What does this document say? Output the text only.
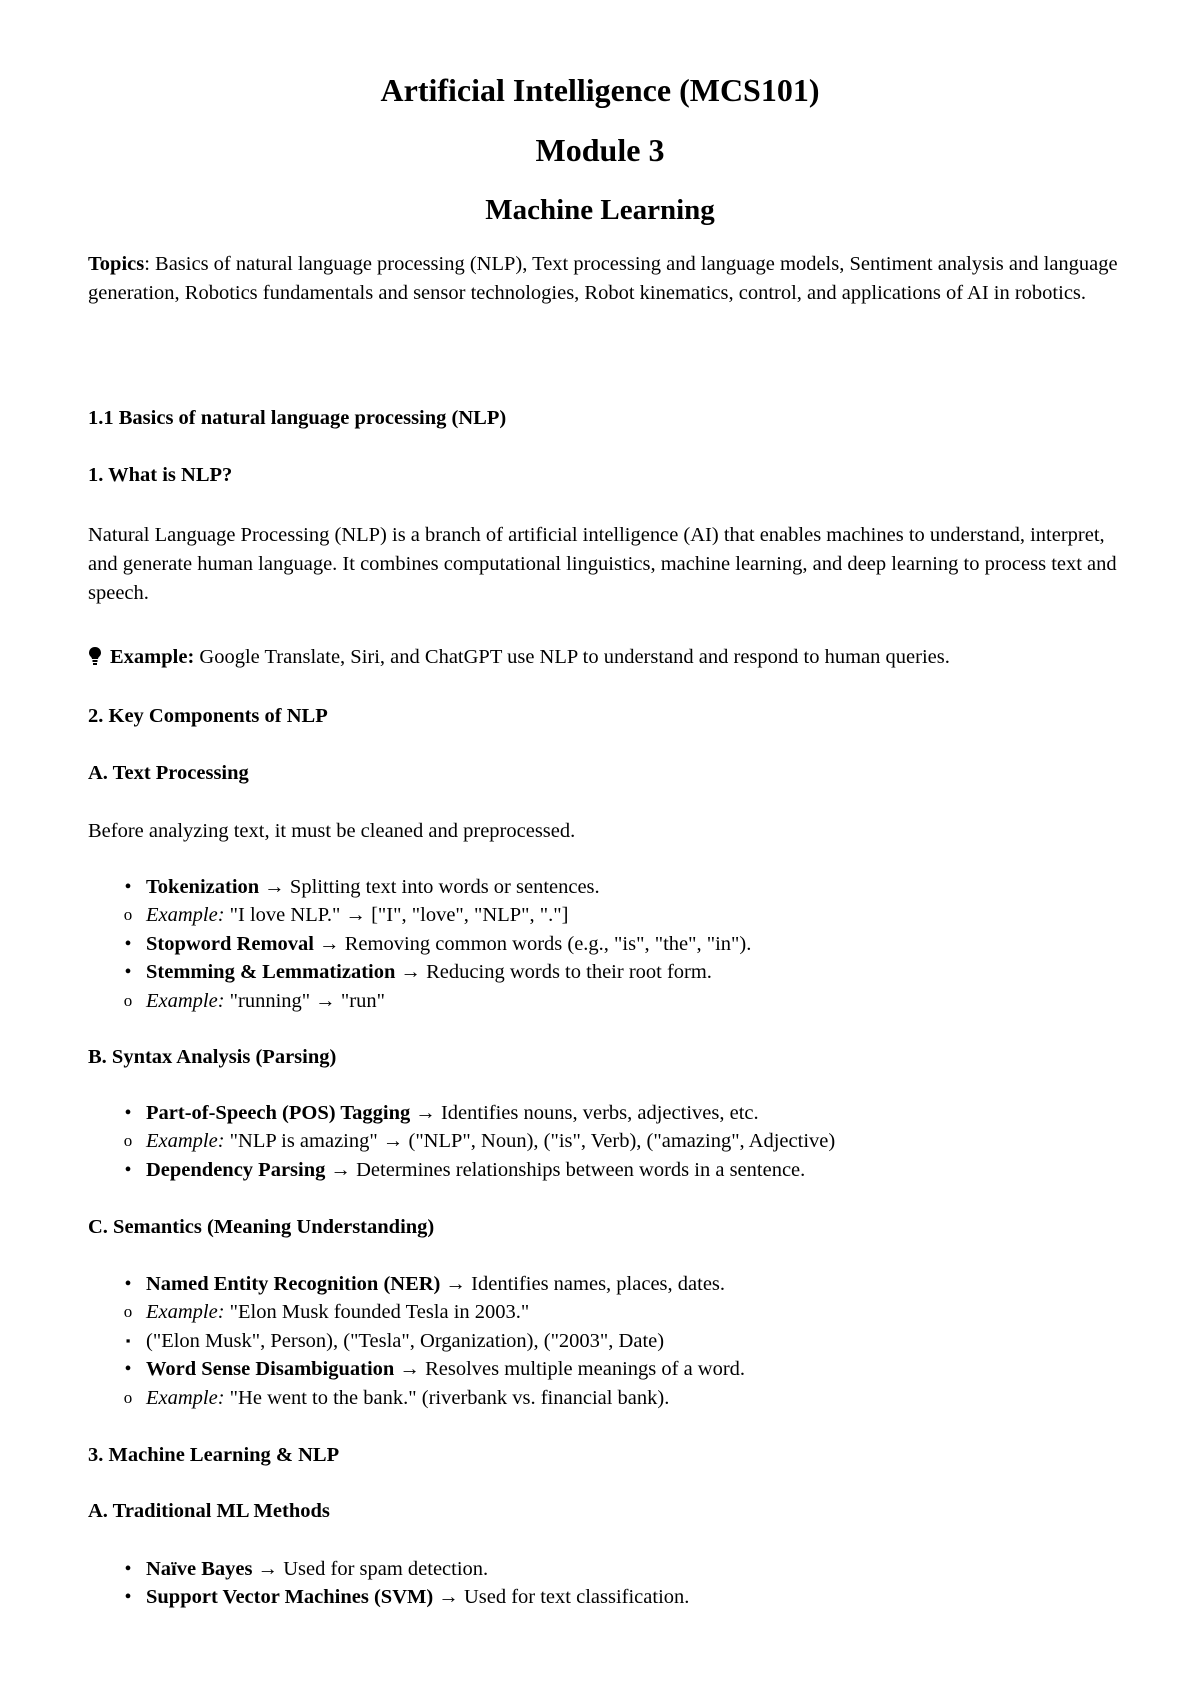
Artificial Intelligence (MCS101)
Module 3
Machine Learning

Topics: Basics of natural language processing (NLP), Text processing and language models, Sentiment analysis and language generation, Robotics fundamentals and sensor technologies, Robot kinematics, control, and applications of AI in robotics.

1.1 Basics of natural language processing (NLP)

1. What is NLP?

Natural Language Processing (NLP) is a branch of artificial intelligence (AI) that enables machines to understand, interpret, and generate human language. It combines computational linguistics, machine learning, and deep learning to process text and speech.

Example: Google Translate, Siri, and ChatGPT use NLP to understand and respond to human queries.

2. Key Components of NLP

A. Text Processing

Before analyzing text, it must be cleaned and preprocessed.

• Tokenization → Splitting text into words or sentences.
o Example: "I love NLP." → ["I", "love", "NLP", "."]
• Stopword Removal → Removing common words (e.g., "is", "the", "in").
• Stemming & Lemmatization → Reducing words to their root form.
o Example: "running" → "run"

B. Syntax Analysis (Parsing)

• Part-of-Speech (POS) Tagging → Identifies nouns, verbs, adjectives, etc.
o Example: "NLP is amazing" → ("NLP", Noun), ("is", Verb), ("amazing", Adjective)
• Dependency Parsing → Determines relationships between words in a sentence.

C. Semantics (Meaning Understanding)

• Named Entity Recognition (NER) → Identifies names, places, dates.
o Example: "Elon Musk founded Tesla in 2003."
▪ ("Elon Musk", Person), ("Tesla", Organization), ("2003", Date)
• Word Sense Disambiguation → Resolves multiple meanings of a word.
o Example: "He went to the bank." (riverbank vs. financial bank).

3. Machine Learning & NLP

A. Traditional ML Methods

• Naïve Bayes → Used for spam detection.
• Support Vector Machines (SVM) → Used for text classification.
